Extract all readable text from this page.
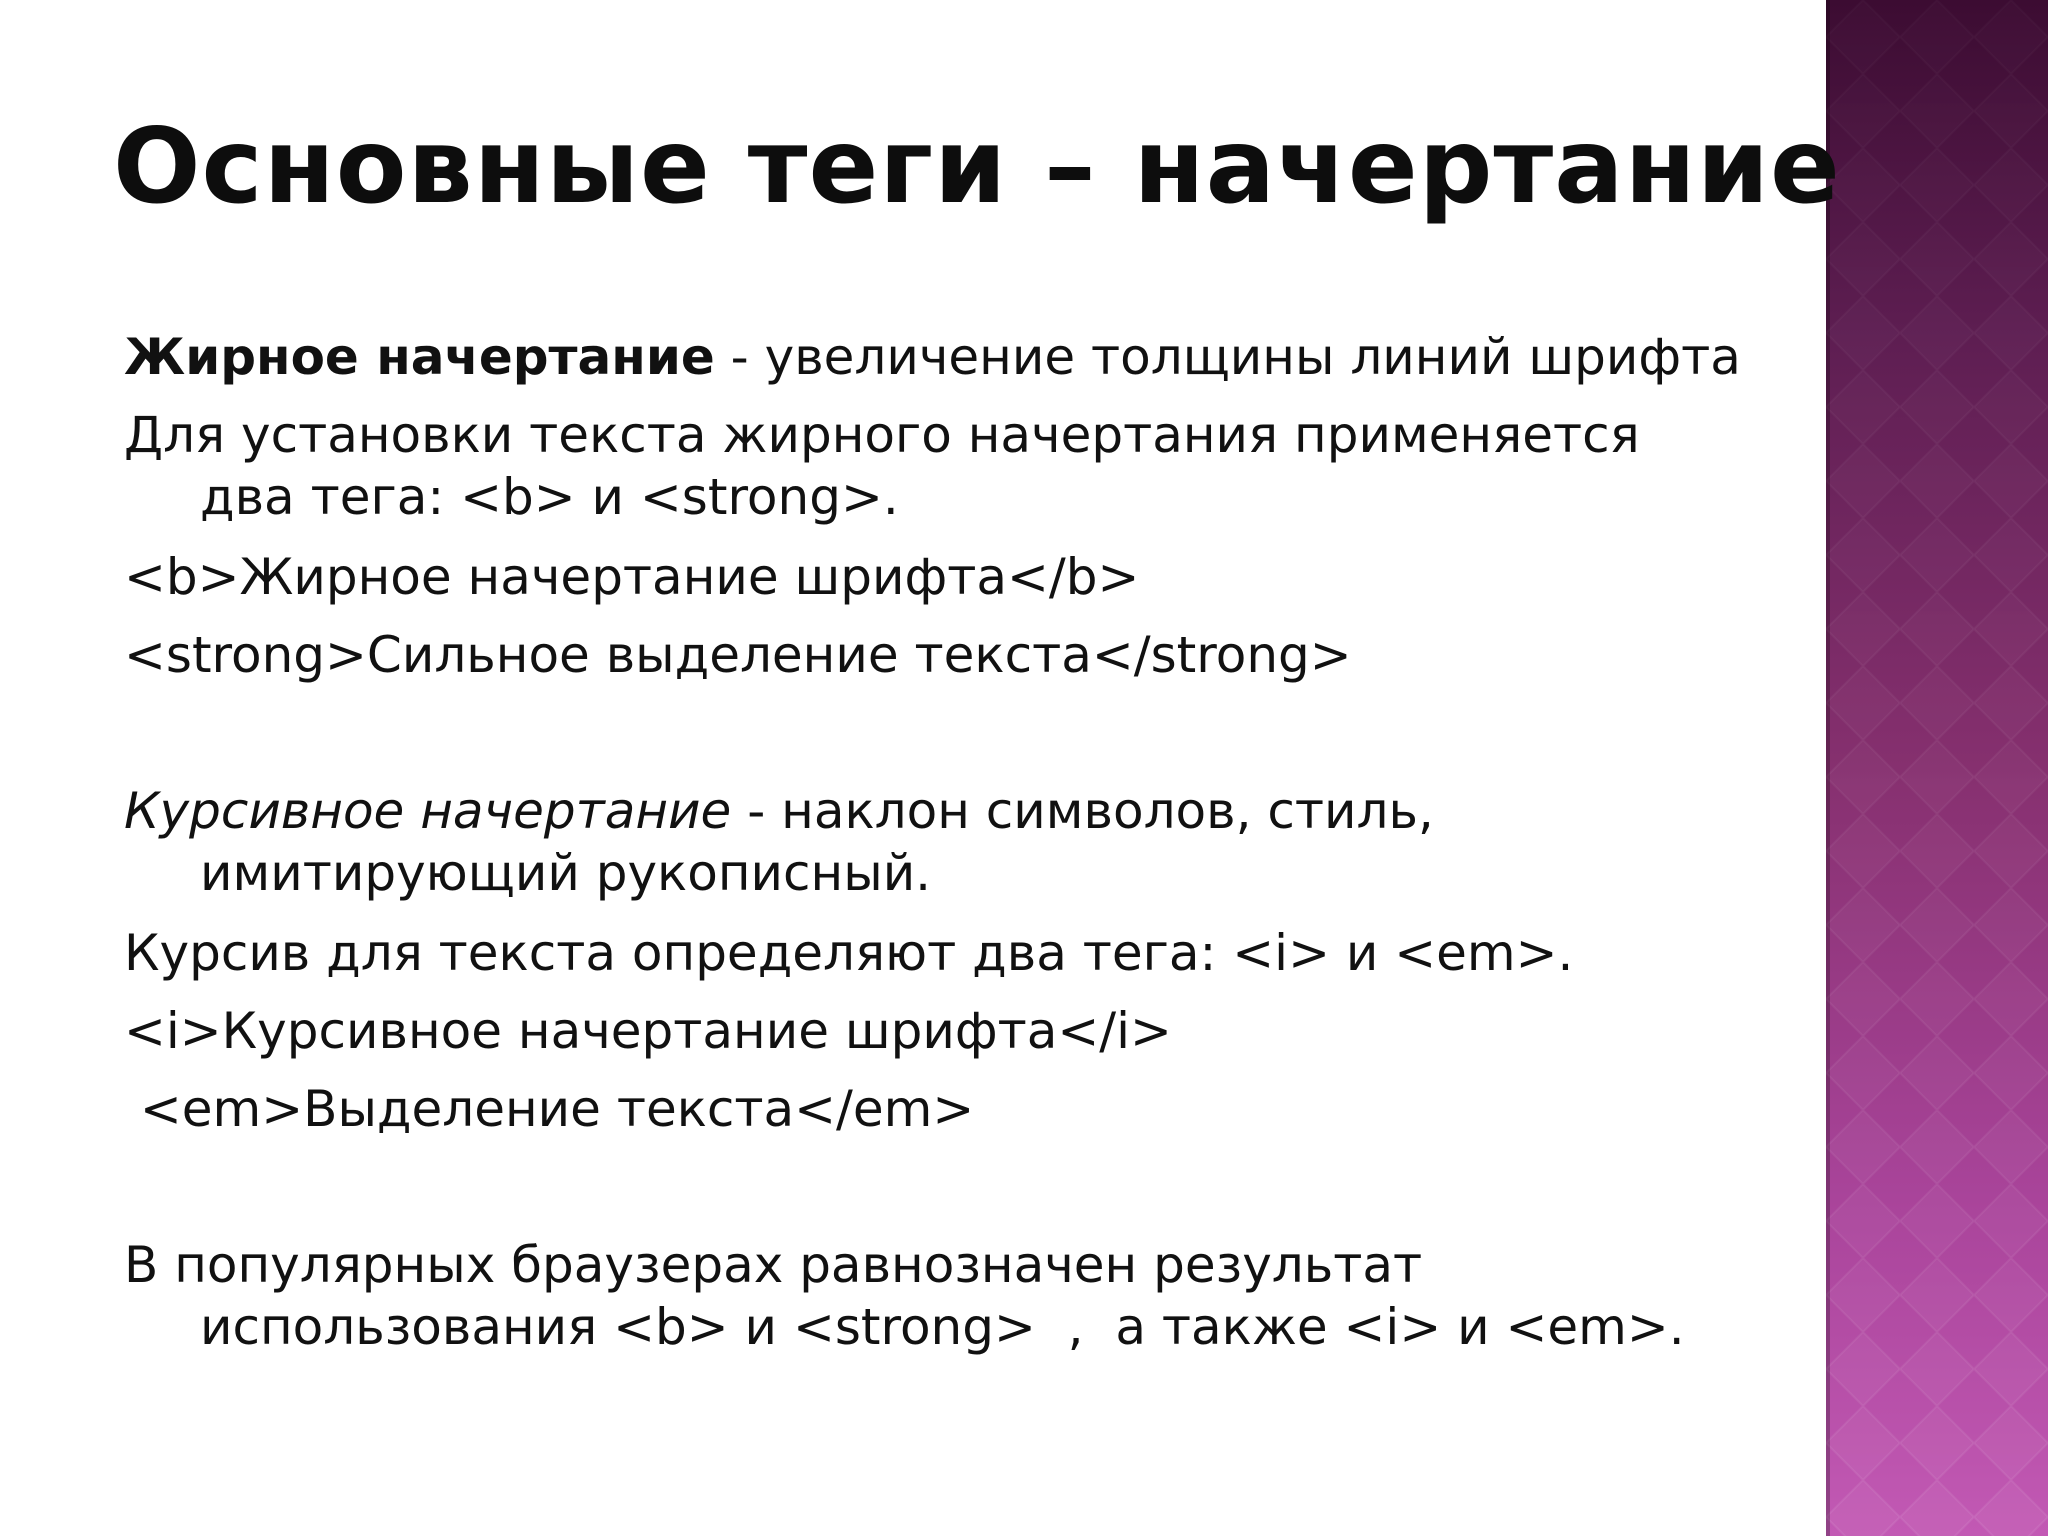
Основные теги – начертание

Жирное начертание - увеличение толщины линий шрифта

Для установки текста жирного начертания применяется
два тега: <b> и <strong>.

<b>Жирное начертание шрифта</b>

<strong>Сильное выделение текста</strong>

Курсивное начертание - наклон символов, стиль,
имитирующий рукописный.

Курсив для текста определяют два тега: <i> и <em>.

<i>Курсивное начертание шрифта</i>

<em>Выделение текста</em>

В популярных браузерах равнозначен результат
использования <b> и <strong>  ,  а также <i> и <em>.
